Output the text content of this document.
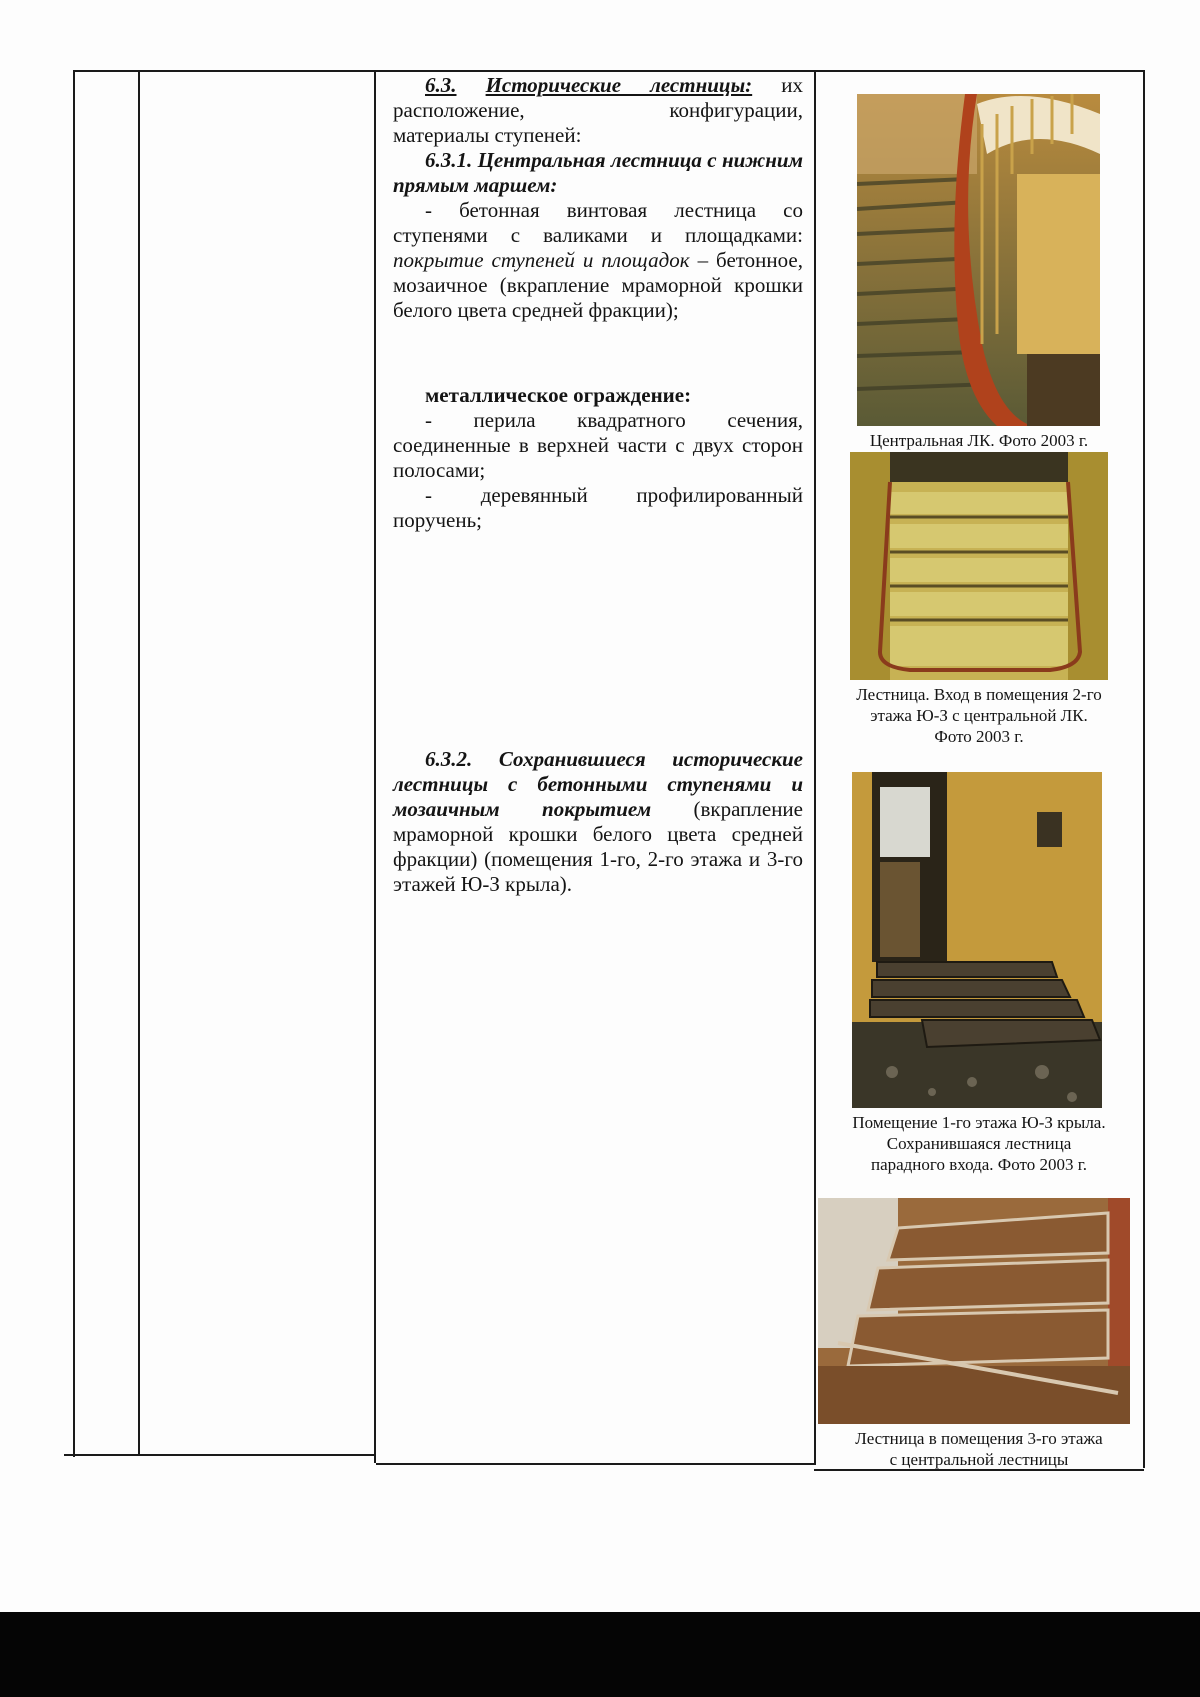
6.3. Исторические лестницы: их

расположение,	конфигурации,

материалы ступеней:

6.3.1. Центральная лестница с нижним прямым маршем:

- бетонная винтовая лестница со ступенями с валиками и площадками: покрытие ступеней и площадок – бетонное, мозаичное (вкрапление мраморной крошки белого цвета средней фракции);

металлическое ограждение:

- перила квадратного сечения, соединенные в верхней части с двух сторон полосами;

- деревянный профилированный поручень;

6.3.2. Сохранившиеся исторические лестницы с бетонными ступенями и мозаичным покрытием (вкрапление мраморной крошки белого цвета средней фракции) (помещения 1-го, 2-го этажа и 3-го этажей Ю-З крыла).

Центральная ЛК. Фото 2003 г.
Лестница. Вход в помещения 2-го
этажа Ю-З с центральной ЛК.
Фото 2003 г.
Помещение 1-го этажа Ю-З крыла.
Сохранившаяся лестница
парадного входа. Фото 2003 г.
Лестница в помещения 3-го этажа
с центральной лестницы
